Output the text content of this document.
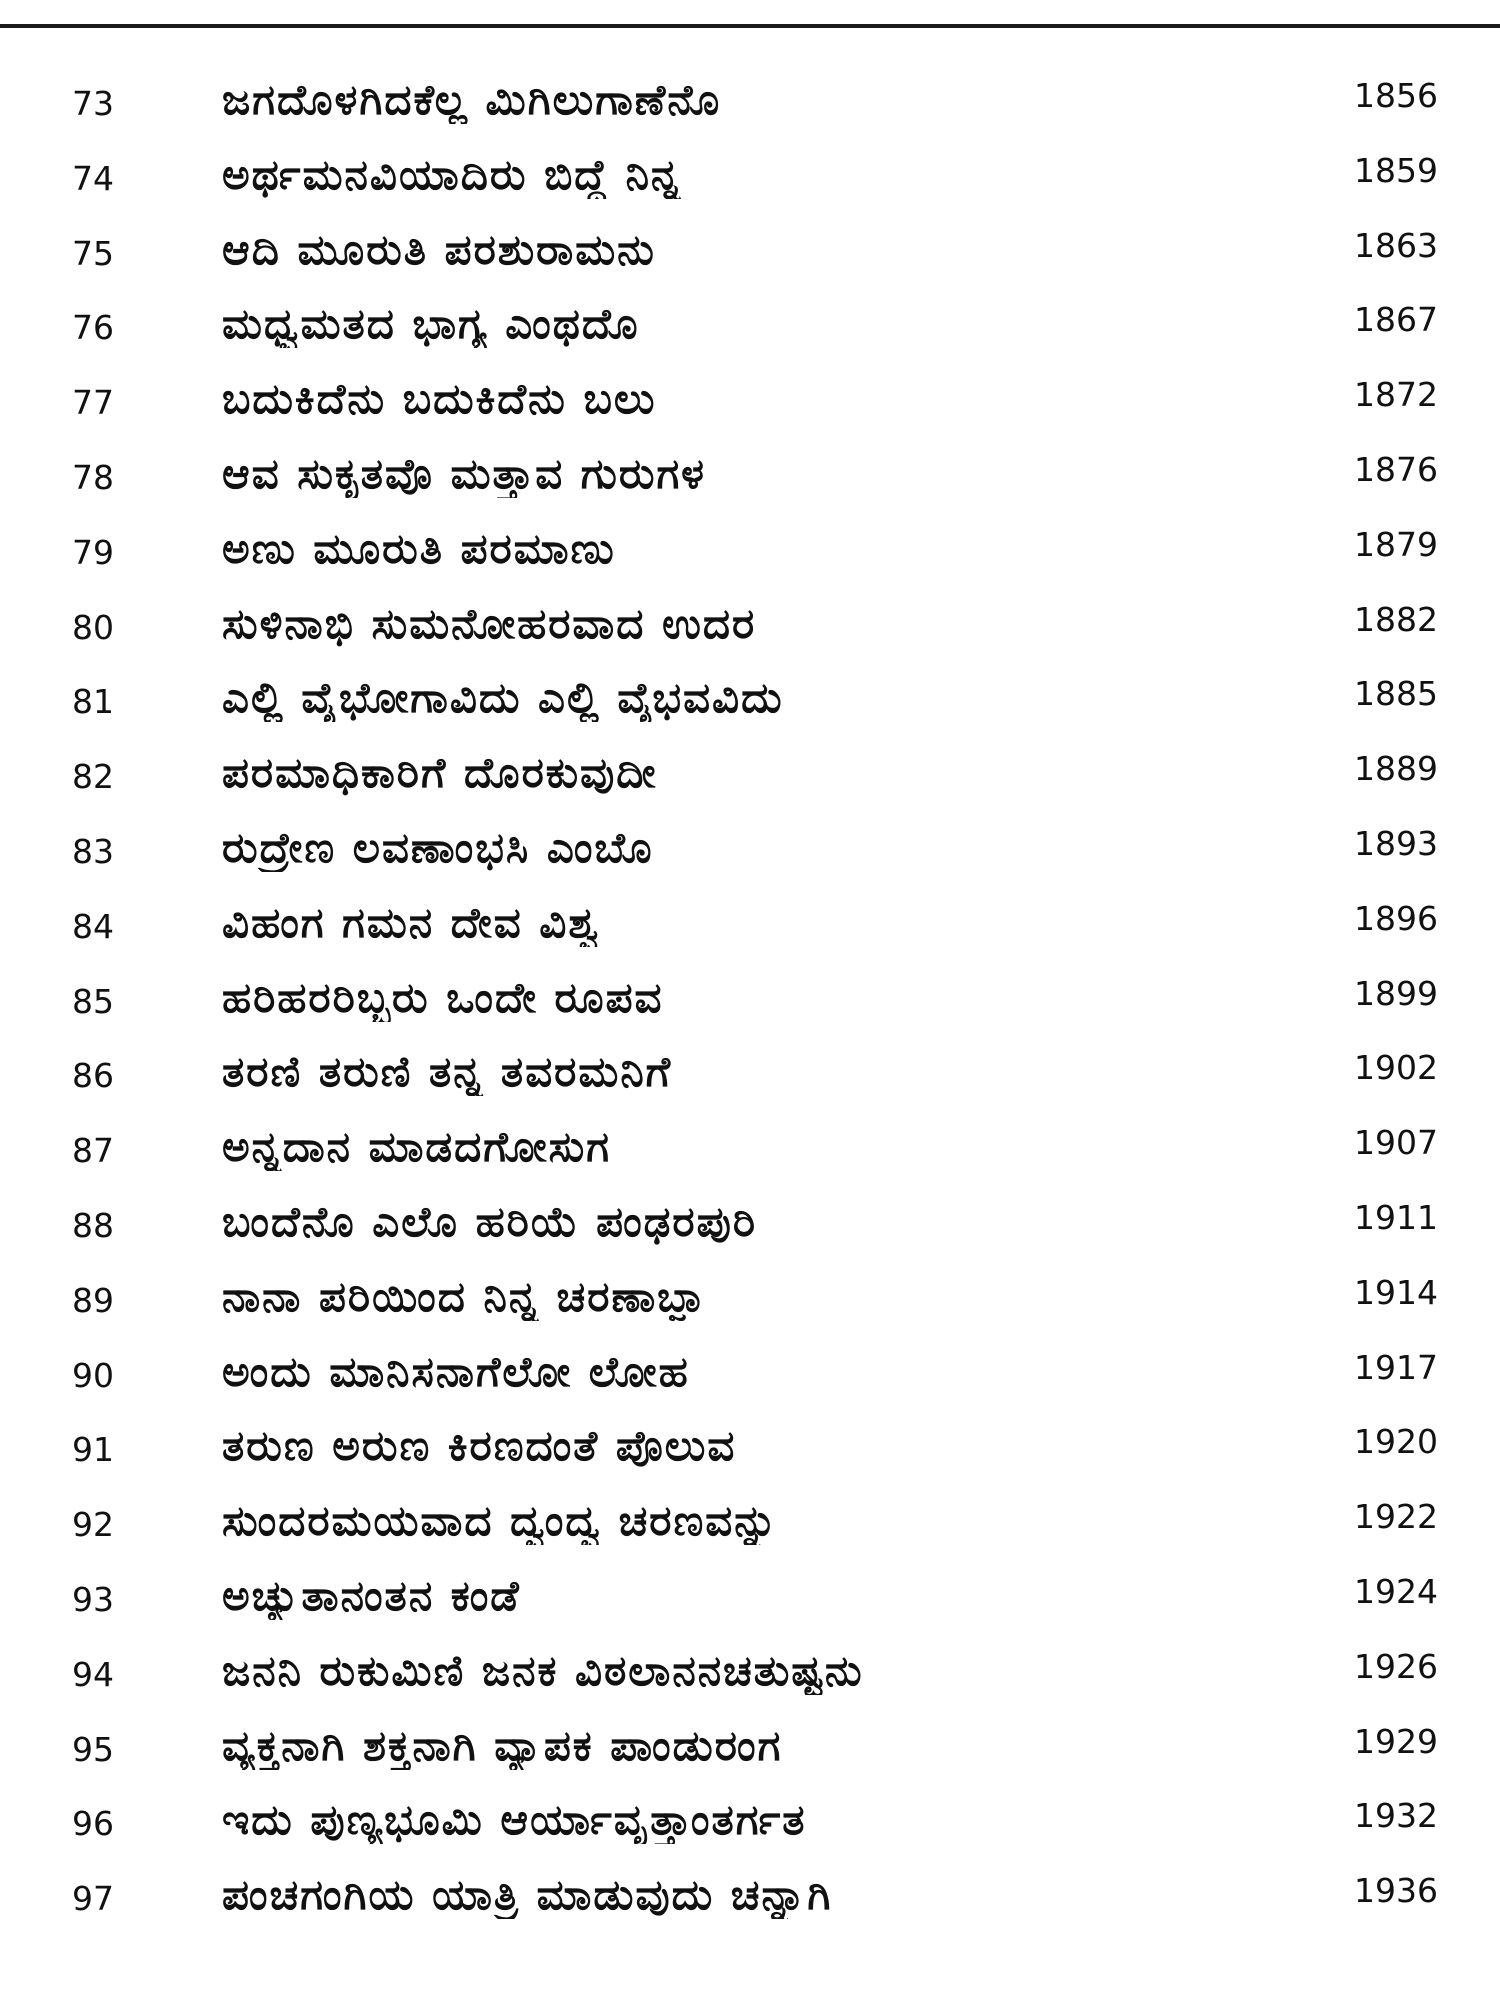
73	ಜಗದೊಳಗಿದಕೆಲ್ಲ ಮಿಗಿಲುಗಾಣೆನೊ	1856
74	ಅರ್ಥಮನವಿಯಾದಿರು ಬಿದ್ದೆ ನಿನ್ನ	1859
75	ಆದಿ ಮೂರುತಿ ಪರಶುರಾಮನು	1863
76	ಮಧ್ವಮತದ ಭಾಗ್ಯ ಎಂಥದೊ	1867
77	ಬದುಕಿದೆನು ಬದುಕಿದೆನು ಬಲು	1872
78	ಆವ ಸುಕೃತವೊ ಮತ್ತಾವ ಗುರುಗಳ	1876
79	ಅಣು ಮೂರುತಿ ಪರಮಾಣು	1879
80	ಸುಳಿನಾಭಿ ಸುಮನೋಹರವಾದ ಉದರ	1882
81	ಎಲ್ಲಿ ವೈಭೋಗಾವಿದು ಎಲ್ಲಿ ವೈಭವವಿದು	1885
82	ಪರಮಾಧಿಕಾರಿಗೆ ದೊರಕುವುದೀ	1889
83	ರುದ್ರೇಣ ಲವಣಾಂಭಸಿ ಎಂಬೊ	1893
84	ವಿಹಂಗ ಗಮನ ದೇವ ವಿಶ್ವ	1896
85	ಹರಿಹರರಿಬ್ಬರು ಒಂದೇ ರೂಪವ	1899
86	ತರಣಿ ತರುಣಿ ತನ್ನ ತವರಮನಿಗೆ	1902
87	ಅನ್ನದಾನ ಮಾಡದಗೋಸುಗ	1907
88	ಬಂದೆನೊ ಎಲೊ ಹರಿಯೆ ಪಂಢರಪುರಿ	1911
89	ನಾನಾ ಪರಿಯಿಂದ ನಿನ್ನ ಚರಣಾಬ್ಜಾ	1914
90	ಅಂದು ಮಾನಿಸನಾಗೆಲೋ ಲೋಹ	1917
91	ತರುಣ ಅರುಣ ಕಿರಣದಂತೆ ಪೊಲುವ	1920
92	ಸುಂದರಮಯವಾದ ದ್ವಂದ್ವ ಚರಣವನ್ನು	1922
93	ಅಚ್ಯುತಾನಂತನ ಕಂಡೆ	1924
94	ಜನನಿ ರುಕುಮಿಣಿ ಜನಕ ವಿಠಲಾನನಚತುಷ್ಟನು	1926
95	ವ್ಯಕ್ತನಾಗಿ ಶಕ್ತನಾಗಿ ವ್ಯಾಪಕ ಪಾಂಡುರಂಗ	1929
96	ಇದು ಪುಣ್ಯಭೂಮಿ ಆರ್ಯಾವೃತ್ತಾಂತರ್ಗತ	1932
97	ಪಂಚಗಂಗಿಯ ಯಾತ್ರಿ ಮಾಡುವುದು ಚನ್ನಾಗಿ	1936
